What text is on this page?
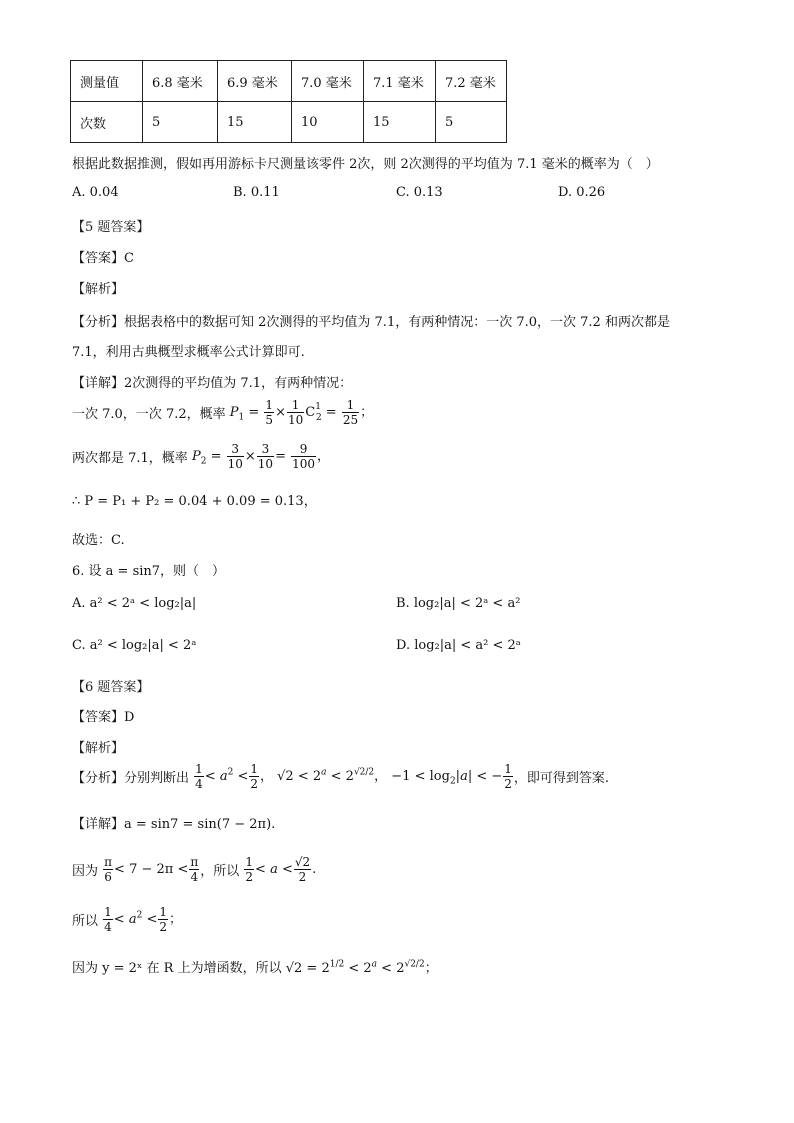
测量值	6.8 毫米	6.9 毫米	7.0 毫米	7.1 毫米	7.2 毫米
次数	5	15	10	15	5
根据此数据推测，假如再用游标卡尺测量该零件 2次，则 2次测得的平均值为 7.1 毫米的概率为（　）
A. 0.04	B. 0.11	C. 0.13	D. 0.26
【5 题答案】
【答案】C
【解析】
【分析】根据表格中的数据可知 2次测得的平均值为 7.1，有两种情况：一次 7.0，一次 7.2 和两次都是
7.1，利用古典概型求概率公式计算即可.
【详解】2次测得的平均值为 7.1，有两种情况：
一次 7.0，一次 7.2，概率 $P_1 = \frac{1}{5} \times \frac{1}{10} C^1_2 = \frac{1}{25}$ ；
两次都是 7.1，概率 $P_2 = \frac{3}{10} \times \frac{3}{10} = \frac{9}{100}$ ，
∴ P = P₁ + P₂ = 0.04 + 0.09 = 0.13，
故选：C.
6. 设 a = sin7，则（　）
A. a² < 2ᵃ < log₂|a|	B. log₂|a| < 2ᵃ < a²
C. a² < log₂|a| < 2ᵃ	D. log₂|a| < a² < 2ᵃ
【6 题答案】
【答案】D
【解析】
【分析】分别判断出 $\frac{1}{4} < a^2 < \frac{1}{2}$ ， $√2 < 2^a < 2^{√2/2}$， $-1 < \log_2|a|$ < − $\frac{1}{2}$ ，即可得到答案.
【详解】a = sin7 = sin(7 − 2π).
因为 $\frac{\pi}{6} < 7 - 2\pi < \frac{\pi}{4}$ ，所以 $\frac{1}{2} < a < \frac{√2}{2}$ .
所以 $\frac{1}{4} < a^2 < \frac{1}{2}$ ；
因为 y = 2ˣ 在 R 上为增函数，所以 $√2 = 2^{1/2} < 2^a < 2^{√2/2}$；
